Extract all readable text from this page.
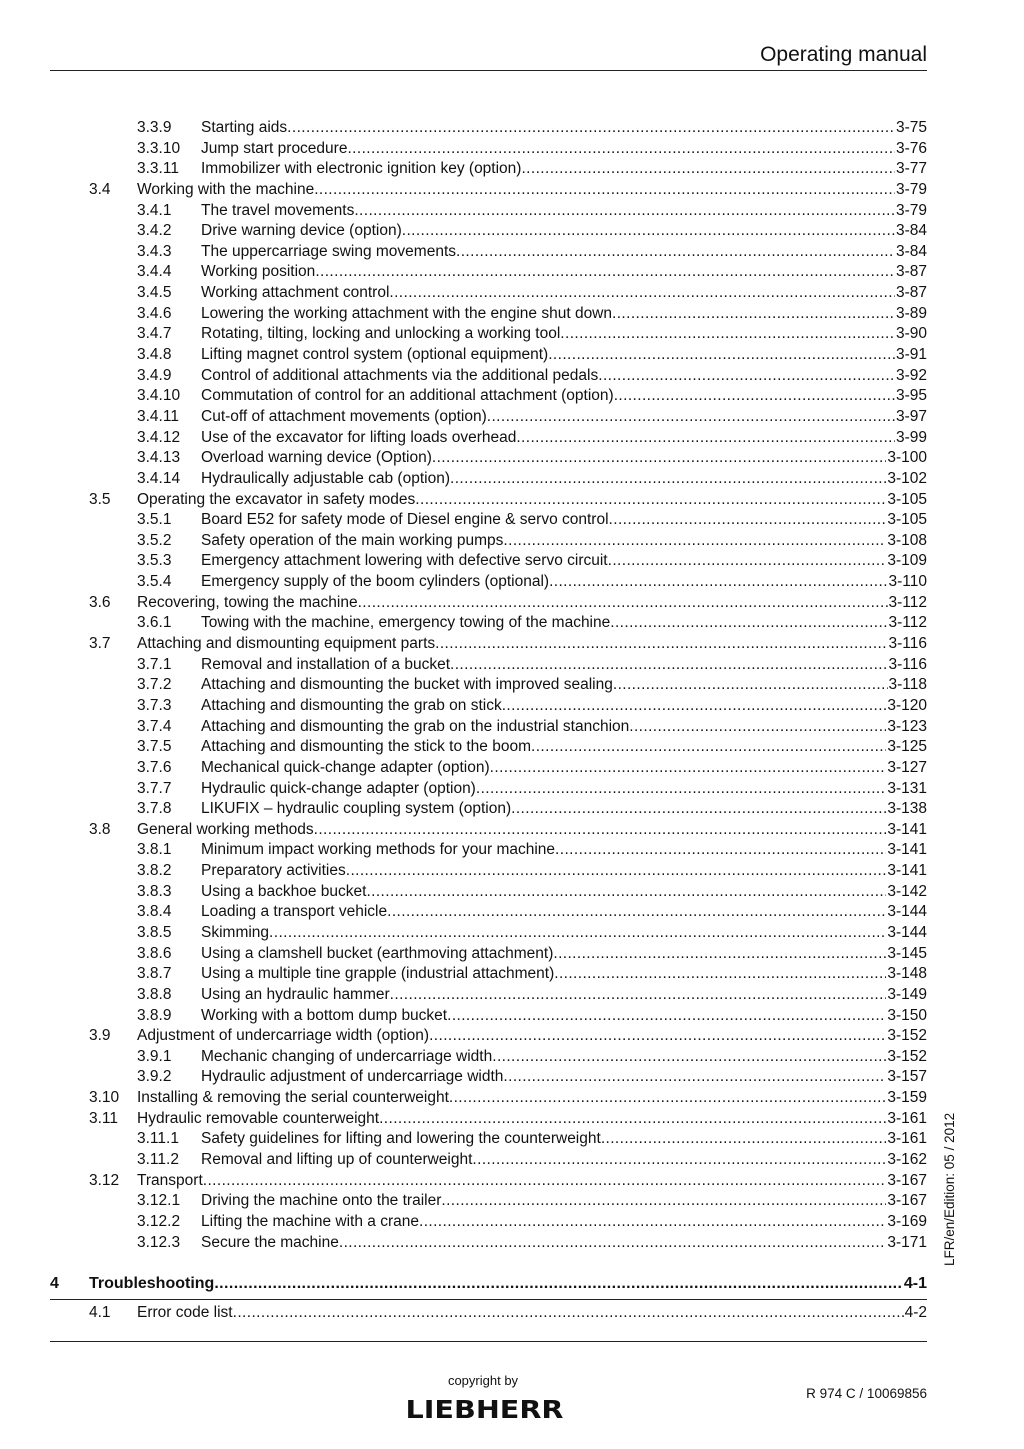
Operating manual
3.3.9 Starting aids .....	3-75
3.3.10 Jump start procedure .....	3-76
3.3.11 Immobilizer with electronic ignition key (option) .....	3-77
3.4 Working with the machine .....	3-79
3.4.1 The travel movements .....	3-79
3.4.2 Drive warning device (option) .....	3-84
3.4.3 The uppercarriage swing movements .....	3-84
3.4.4 Working position .....	3-87
3.4.5 Working attachment control .....	3-87
3.4.6 Lowering the working attachment with the engine shut down .....	3-89
3.4.7 Rotating, tilting, locking and unlocking a working tool .....	3-90
3.4.8 Lifting magnet control system (optional equipment) .....	3-91
3.4.9 Control of additional attachments via the additional pedals .....	3-92
3.4.10 Commutation of control for an additional attachment (option) .....	3-95
3.4.11 Cut-off of attachment movements (option) .....	3-97
3.4.12 Use of the excavator for lifting loads overhead .....	3-99
3.4.13 Overload warning device (Option) .....	3-100
3.4.14 Hydraulically adjustable cab (option) .....	3-102
3.5 Operating the excavator in safety modes .....	3-105
3.5.1 Board E52 for safety mode of Diesel engine & servo control .....	3-105
3.5.2 Safety operation of the main working pumps .....	3-108
3.5.3 Emergency attachment lowering with defective servo circuit .....	3-109
3.5.4 Emergency supply of the boom cylinders (optional) .....	3-110
3.6 Recovering, towing the machine .....	3-112
3.6.1 Towing with the machine, emergency towing of the machine .....	3-112
3.7 Attaching and dismounting equipment parts .....	3-116
3.7.1 Removal and installation of a bucket .....	3-116
3.7.2 Attaching and dismounting the bucket with improved sealing .....	3-118
3.7.3 Attaching and dismounting the grab on stick .....	3-120
3.7.4 Attaching and dismounting the grab on the industrial stanchion .....	3-123
3.7.5 Attaching and dismounting the stick to the boom .....	3-125
3.7.6 Mechanical quick-change adapter (option) .....	3-127
3.7.7 Hydraulic quick-change adapter (option) .....	3-131
3.7.8 LIKUFIX – hydraulic coupling system (option) .....	3-138
3.8 General working methods .....	3-141
3.8.1 Minimum impact working methods for your machine .....	3-141
3.8.2 Preparatory activities .....	3-141
3.8.3 Using a backhoe bucket .....	3-142
3.8.4 Loading a transport vehicle .....	3-144
3.8.5 Skimming .....	3-144
3.8.6 Using a clamshell bucket (earthmoving attachment) .....	3-145
3.8.7 Using a multiple tine grapple (industrial attachment) .....	3-148
3.8.8 Using an hydraulic hammer .....	3-149
3.8.9 Working with a bottom dump bucket .....	3-150
3.9 Adjustment of undercarriage width (option) .....	3-152
3.9.1 Mechanic changing of undercarriage width .....	3-152
3.9.2 Hydraulic adjustment of undercarriage width .....	3-157
3.10 Installing & removing the serial counterweight .....	3-159
3.11 Hydraulic removable counterweight .....	3-161
3.11.1 Safety guidelines for lifting and lowering the counterweight .....	3-161
3.11.2 Removal and lifting up of counterweight .....	3-162
3.12 Transport .....	3-167
3.12.1 Driving the machine onto the trailer .....	3-167
3.12.2 Lifting the machine with a crane .....	3-169
3.12.3 Secure the machine .....	3-171
4 Troubleshooting .....	4-1
4.1 Error code list .....	4-2
LFR/en/Edition: 05 / 2012
copyright by
LIEBHERR
R 974 C / 10069856
